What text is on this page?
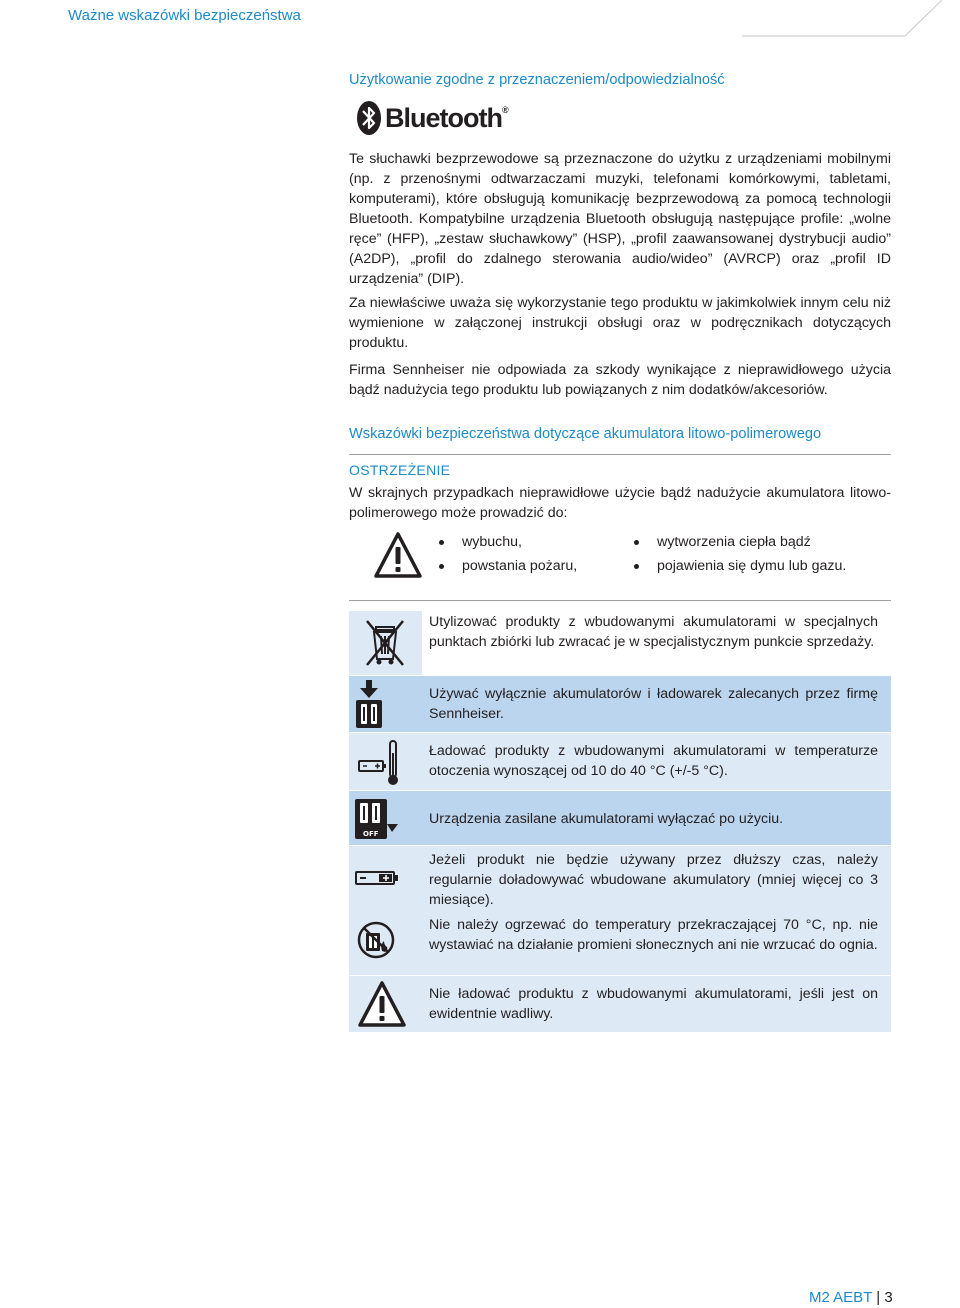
Ważne wskazówki bezpieczeństwa
Użytkowanie zgodne z przeznaczeniem/odpowiedzialność
Bluetooth®

Te słuchawki bezprzewodowe są przeznaczone do użytku z urządzeniami mobilnymi (np. z przenośnymi odtwarzaczami muzyki, telefonami komórkowymi, tabletami, komputerami), które obsługują komunikację bezprzewodową za pomocą technologii Bluetooth. Kompatybilne urządzenia Bluetooth obsługują następujące profile: „wolne ręce” (HFP), „zestaw słuchawkowy” (HSP), „profil zaawansowanej dystrybucji audio” (A2DP), „profil do zdalnego sterowania audio/wideo” (AVRCP) oraz „profil ID urządzenia” (DIP).

Za niewłaściwe uważa się wykorzystanie tego produktu w jakimkolwiek innym celu niż wymienione w załączonej instrukcji obsługi oraz w podręcznikach dotyczących produktu.

Firma Sennheiser nie odpowiada za szkody wynikające z nieprawidłowego użycia bądź nadużycia tego produktu lub powiązanych z nim dodatków/akcesoriów.

Wskazówki bezpieczeństwa dotyczące akumulatora litowo-polimerowego
OSTRZEŻENIE

W skrajnych przypadkach nieprawidłowe użycie bądź nadużycie akumulatora litowo-polimerowego może prowadzić do:

wybuchu,
powstania pożaru,
wytworzenia ciepła bądź
pojawienia się dymu lub gazu.

Utylizować produkty z wbudowanymi akumulatorami w specjalnych punktach zbiórki lub zwracać je w specjalistycznym punkcie sprzedaży.

Używać wyłącznie akumulatorów i ładowarek zalecanych przez firmę Sennheiser.

Ładować produkty z wbudowanymi akumulatorami w temperaturze otoczenia wynoszącej od 10 do 40 °C (+/-5 °C).

OFF

Urządzenia zasilane akumulatorami wyłączać po użyciu.

Jeżeli produkt nie będzie używany przez dłuższy czas, należy regularnie doładowywać wbudowane akumulatory (mniej więcej co 3 miesiące).

Nie należy ogrzewać do temperatury przekraczającej 70 °C, np. nie wystawiać na działanie promieni słonecznych ani nie wrzucać do ognia.

Nie ładować produktu z wbudowanymi akumulatorami, jeśli jest on ewidentnie wadliwy.

M2 AEBT | 3
